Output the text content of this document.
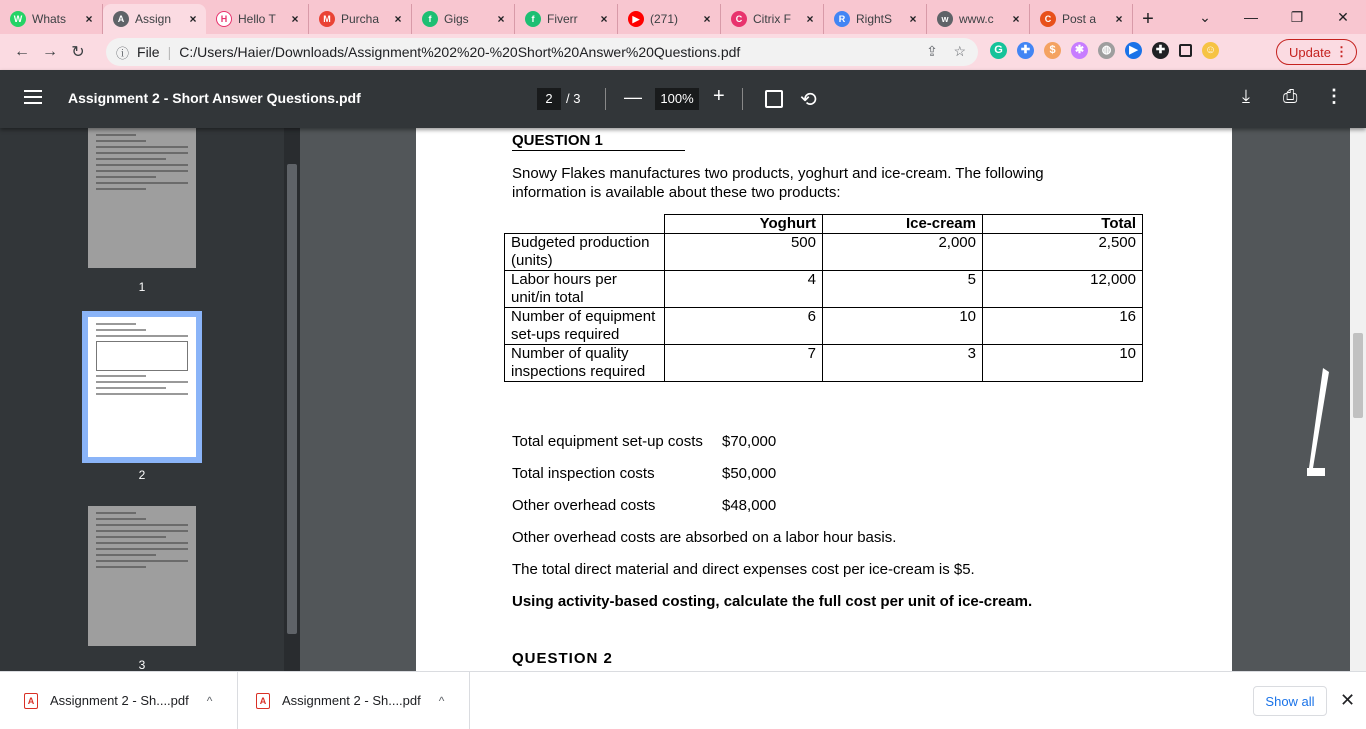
W Whats	×	A Assign	×	H Hello T	×	M Purcha	×	f	Gigs	×	f	Fiverr	×	▶ (271)	×	C Citrix F	×	R RightS	×	w www.c	×	C Post a	× +	⌄	—	❐	✕
← → ↻	ⓘ File | C:/Users/Haier/Downloads/Assignment%202%20-%20Short%20Answer%20Questions.pdf	⇪ ☆	G	✚	$	✱	◍	▶	✚	☺	Update ⋮
Assignment 2 - Short Answer Questions.pdf	2	/ 3 —	100% +	⟲	⤓ ⎙ ⋮
1
2
3
QUESTION 1
Snowy Flakes manufactures two products, yoghurt and ice-cream. The following information is available about these two products:
	Yoghurt	Ice-cream	Total
Budgeted production (units)	500	2,000	2,500
Labor hours per unit/in total	4	5	12,000
Number of equipment set-ups required	6	10	16
Number of quality inspections required	7	3	10
Total equipment set-up costs $70,000
Total inspection costs	$50,000
Other overhead costs	$48,000
Other overhead costs are absorbed on a labor hour basis.
The total direct material and direct expenses cost per ice-cream is $5.
Using activity-based costing, calculate the full cost per unit of ice-cream.
QUESTION 2
A Assignment 2 - Sh....pdf ^	A Assignment 2 - Sh....pdf ^	Show all	✕
